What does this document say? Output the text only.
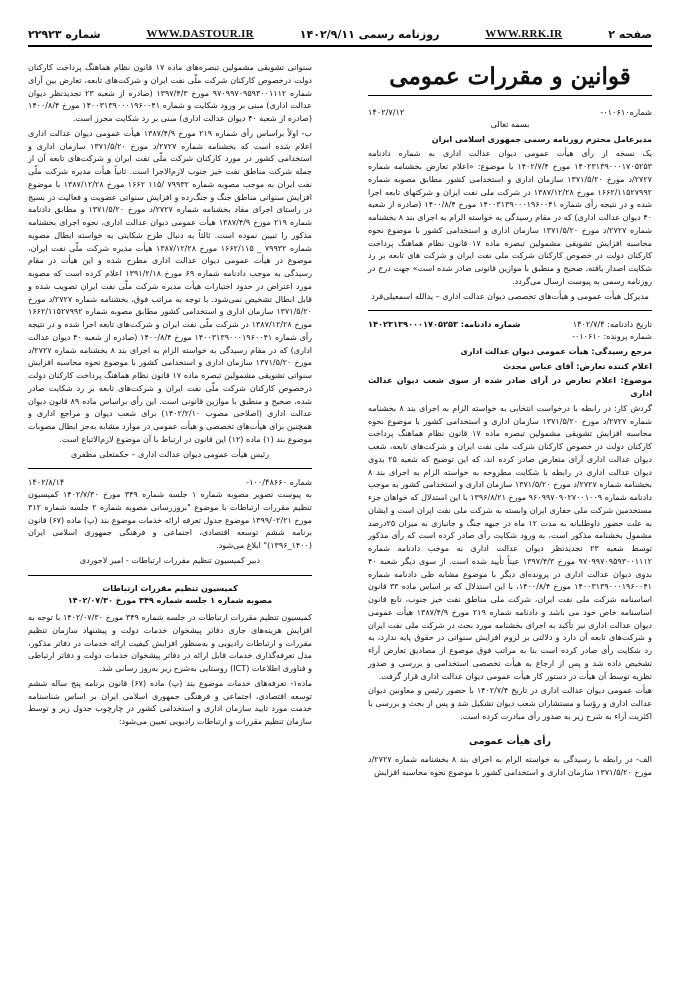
صفحه ۲
WWW.RRK.IR
روزنامه رسمی ۱۴۰۲/۹/۱۱
WWW.DASTOUR.IR
شماره ۲۲۹۲۳
قوانین و مقررات عمومی
شماره۰۱۰۶۱۰-
۱۴۰۲/۷/۱۲

بسمه تعالی

مدیرعامل محترم روزنامه رسمی جمهوری اسلامی ایران

یک نسخه از رأی هیأت عمومی دیوان عدالت اداری به شماره دادنامه ۱۴۰۲۳۱۳۹۰۰۰۱۷۰۵۲۵۳ مورخ ۱۴۰۲/۷/۴ با موضوع: «اعلام تعارض بخشنامه شماره ۲۷۲۷/د مورخ ۱۳۷۱/۵/۲۰ سازمان اداری و استخدامی کشور مطابق مصوبه شماره ۱۶۶۲/۱۱۵۲۷۹۹۲ مورخ ۱۳۸۷/۱۲/۲۸ در شرکت ملی نفت ایران و شرکتهای تابعه اجرا شده و در نتیجه رأی شماره ۱۴۰۰۳۱۳۹۰۰۰۱۹۶۰۰۴۱ مورخ ۱۴۰۰/۸/۴ (صادره از شعبه ۴۰ دیوان عدالت اداری) که در مقام رسیدگی به خواسته الزام به اجرای بند ۸ بخشنامه شماره ۲۷۲۷/د مورخ ۱۳۷۱/۵/۲۰ سازمان اداری و استخدامی کشور با موضوع نحوه محاسبه افزایش تشویقی مشمولین تبصره ماده ۱۷ قانون نظام هماهنگ پرداخت کارکنان دولت در خصوص کارکنان شرکت ملی نفت ایران و شرکت های تابعه بر رد شکایت اصدار یافته، صحیح و منطبق با موازین قانونی صادر شده است» جهت درج در روزنامه رسمی به پیوست ارسال می‌گردد.

مدیرکل هیأت عمومی و هیأت‌های تخصصی دیوان عدالت اداری – یدالله اسمعیلی‌فرد

تاریخ دادنامه: ۱۴۰۲/۷/۴
شماره دادنامه: ۱۴۰۲۳۱۳۹۰۰۰۱۷۰۵۲۵۳

شماره پرونده: ۰۱۰۶۱۰-

مرجع رسیدگی: هیأت عمومی دیوان عدالت اداری

اعلام کننده تعارض: آقای عباس محدث

موضوع: اعلام تعارض در آرای صادر شده از سوی شعب دیوان عدالت اداری

گردش کار: در رابطه با درخواست انتخابی به خواسته الزام به اجرای بند ۸ بخشنامه شماره ۲۷۲۷/د مورخ ۱۳۷۱/۵/۲۰ سازمان اداری و استخدامی کشور با موضوع نحوه محاسبه افزایش تشویقی مشمولین تبصره ماده ۱۷ قانون نظام هماهنگ پرداخت کارکنان دولت در خصوص کارکنان شرکت ملی نفت ایران و شرکت‌های تابعه، شعب دیوان عدالت اداری آرای متعارض صادر کرده اند، که این توضیح که شعبه ۲۵ بدوی دیوان عدالت اداری در رابطه با شکایت مطروحه به خواسته الزام به اجرای بند ۸ بخشنامه شماره ۲۷۲۷/د مورخ ۱۳۷۱/۵/۲۰ سازمان اداری و استخدامی کشور به موجب دادنامه شماره ۹۶۰۹۹۷۰۹۰۲۷۰۰۱۰۰۹ مورخ ۱۳۹۶/۸/۲۱ با این استدلال که خواهان جزء مستخدمین شرکت ملی حفاری ایران وابسته به شرکت ملی نفت ایران است و ایشان به علت حضور داوطلبانه به مدت ۱۲ ماه در جبهه جنگ و جانبازی به میزان ۲۵درصد مشمول بخشنامه مذکور است، به ورود شکایت رأی صادر کرده است که رأی مذکور توسط شعبه ۲۳ تجدیدنظر دیوان عدالت اداری به موجب دادنامه شماره ۹۷۰۹۹۷۰۹۵۹۳۰۰۱۱۱۲ مورخ ۱۳۹۷/۴/۳ عیناً تأیید شده است. از سوی دیگر شعبه ۴۰ بدوی دیوان عدالت اداری در پرونده‌ای دیگر با موضوع مشابه طی دادنامه شماره ۱۴۰۰۳۱۳۹۰۰۰۱۹۶۰۰۴۱ مورخ ۱۴۰۰/۸/۴، با این استدلال که بر اساس ماده ۳۳ قانون اساسنامه شرکت ملی نفت ایران، شرکت ملی مناطق نفت خیز جنوب، تابع قانون اساسنامه خاص خود می باشد و دادنامه شماره ۲۱۹ مورخ ۱۳۸۷/۴/۹ هیأت عمومی دیوان عدالت اداری نیز تأکید به اجرای بخشنامه مورد بحث در شرکت ملی نفت ایران و شرکت‌های تابعه آن دارد و دلالتی بر لزوم افزایش سنواتی در حقوق پایه ندارد، به رد شکایت رأی صادر کرده است بنا به مراتب فوق موضوع از مصادیق تعارض آراء تشخیص داده شد و پس از ارجاع به هیأت تخصصی استخدامی و بررسی و صدور نظریه توسط آن هیأت در دستور کار هیأت عمومی دیوان عدالت اداری قرار گرفت.

هیأت عمومی دیوان عدالت اداری در تاریخ ۱۴۰۲/۷/۴ با حضور رئیس و معاونین دیوان عدالت اداری و رؤسا و مستشاران شعب دیوان تشکیل شد و پس از بحث و بررسی با اکثریت آراء به شرح زیر به صدور رأی مبادرت کرده است.

رأی هیأت عمومی

الف- در رابطه با رسیدگی به خواسته الزام به اجرای بند ۸ بخشنامه شماره ۲۷۲۷/د مورخ ۱۳۷۱/۵/۲۰ سازمان اداری و استخدامی کشور با موضوع نحوه محاسبه افزایش

سنواتی تشویقی مشمولین تبصره‌های ماده ۱۷ قانون نظام هماهنگ پرداخت کارکنان دولت درخصوص کارکنان شرکت ملّی نفت ایران و شرکت‌های تابعه، تعارض بین آرای شماره ۹۷۰۹۹۷۰۹۵۹۳۰۰۱۱۱۲ مورخ ۱۳۹۷/۴/۳ (صادره از شعبه ۲۳ تجدیدنظر دیوان عدالت اداری) مبنی بر ورود شکایت و شماره ۱۴۰۰۳۱۳۹۰۰۰۱۹۶۰۰۴۱ مورخ ۱۴۰۰/۸/۴ (صادره از شعبه ۴۰ دیوان عدالت اداری) مبنی بر رد شکایت محرز است.

ب- اولاً براساس رأی شماره ۲۱۹ مورخ ۱۳۸۷/۴/۹ هیأت عمومی دیوان عدالت اداری اعلام شده است که بخشنامه شماره ۲۷۲۷/د مورخ ۱۳۷۱/۵/۲۰ سازمان اداری و استخدامی کشور در مورد کارکنان شرکت ملّی نفت ایران و شرکت‌های تابعه آن از جمله شرکت مناطق نفت خیز جنوب لازم‌الاجرا است. ثانیاً هیأت مدیره شرکت ملّی نفت ایران به موجب مصوبه شماره ۷۹۹۳۲ /۱۱۵ ۱۶۶۲ مورخ ۱۳۸۷/۱۲/۲۸ با موضوع افزایش سنواتی مناطق جنگ و جنگ‌زده و افزایش سنواتی عضویت و فعالیت در بسیج در راستای اجرای مفاد بخشنامه شماره ۲۷۲۷/د مورخ ۱۳۷۱/۵/۲۰ و مطابق دادنامه شماره ۲۱۹ مورخ ۱۳۸۷/۴/۹ هیأت عمومی دیوان عدالت اداری، نحوه اجرای بخشنامه مذکور را تبیین نموده است. ثالثاً به دنبال طرح شکایتی به خواسته ابطال مصوبه شماره ۷۹۹۳۲ _ ۱۶۶۲/۱۱۵ مورخ ۱۳۸۷/۱۲/۲۸ هیأت مدیره شرکت ملّی نفت ایران، موضوع در هیأت عمومی دیوان عدالت اداری مطرح شده و این هیأت در مقام رسیدگی به موجب دادنامه شماره ۶۹ مورخ ۱۳۹۱/۲/۱۸ اعلام کرده است که مصوبه مورد اعتراض در حدود اختیارات هیأت مدیره شرکت ملّی نفت ایران تصویب شده و قابل ابطال تشخیص نمی‌شود. با توجه به مراتب فوق، بخشنامه شماره ۲۷۲۷/د مورخ ۱۳۷۱/۵/۲۰ سازمان اداری و استخدامی کشور مطابق مصوبه شماره ۱۶۶۲/۱۱۵۲۷۹۹۲ مورخ ۱۳۸۷/۱۲/۲۸ در شرکت ملّی نفت ایران و شرکت‌های تابعه اجرا شده و در نتیجه رأی شماره ۱۴۰۰۳۱۳۹۰۰۰۱۹۶۰۰۴۱ مورخ ۱۴۰۰/۸/۴ (صادره از شعبه ۴۰ دیوان عدالت اداری) که در مقام رسیدگی به خواسته الزام به اجرای بند ۸ بخشنامه شماره ۲۷۲۷/د مورخ ۱۳۷۱/۵/۲۰ سازمان اداری و استخدامی کشور با موضوع نحوه محاسبه افزایش سنواتی تشویقی مشمولین تبصره ماده ۱۷ قانون نظام هماهنگ پرداخت کارکنان دولت درخصوص کارکنان شرکت ملّی نفت ایران و شرکت‌های تابعه بر رد شکایت صادر شده، صحیح و منطبق با موازین قانونی است. این رأی براساس ماده ۸۹ قانون دیوان عدالت اداری (اصلاحی مصوب ۱۴۰۲/۲/۱۰) برای شعب دیوان و مراجع اداری و همچنین برای هیأت‌های تخصصی و هیأت عمومی در موارد مشابه به‌جز ابطال مصوبات موضوع بند (۱) ماده (۱۲) این قانون در ارتباط با آن موضوع لازم‌الاتباع است.

رئیس هیأت عمومی دیوان عدالت اداری – حکمتعلی مظفری

شماره ۱۰۰/۴۸۶۶۰-
۱۴۰۲/۸/۱۴

به پیوست تصویر مصوبه شماره ۱ جلسه شماره ۳۴۹ مورخ ۱۴۰۲/۷/۳۰ کمیسیون تنظیم مقررات ارتباطات با موضوع "بروزرسانی مصوبه شماره ۲ جلسه شماره ۳۱۲ مورخ ۱۳۹۹/۰۲/۲۱ موضوع جدول تعرفه ارائه خدمات موضوع بند (پ) ماده (۶۷) قانون برنامه ششم توسعه اقتصادی، اجتماعی و فرهنگی جمهوری اسلامی ایران (۱۴۰۰_۱۳۹۶)" ابلاغ می‌شود.

دبیر کمیسیون تنظیم مقررات ارتباطات - امیر لاجوردی

کمیسیون تنظیم مقررات ارتباطات
مصوبه شماره ۱ جلسه شماره ۳۴۹ مورخ ۱۴۰۲/۰۷/۳۰

کمیسیون تنظیم مقررات ارتباطات در جلسه شماره ۳۴۹ مورخ ۱۴۰۲/۰۷/۳۰ با توجه به افزایش هزینه‌های جاری دفاتر پیشخوان خدمات دولت و پیشنهاد سازمان تنظیم مقررات و ارتباطات رادیویی و به‌منظور افزایش کیفیت ارائه خدمات در دفاتر مذکور، مدل تعرفه‌گذاری خدمات قابل ارائه در دفاتر پیشخوان خدمات دولت و دفاتر ارتباطی و فناوری اطلاعات (ICT) روستایی به‌شرح زیر به‌روز رسانی شد.

ماده۱- تعرفه‌های خدمات موضوع بند (پ) ماده (۶۷) قانون برنامه پنج ساله ششم توسعه اقتصادی، اجتماعی و فرهنگی جمهوری اسلامی ایران بر اساس شناسنامه خدمت مورد تایید سازمان اداری و استخدامی کشور در چارچوب جدول زیر و توسط سازمان تنظیم مقررات و ارتباطات رادیویی تعیین می‌شود:
